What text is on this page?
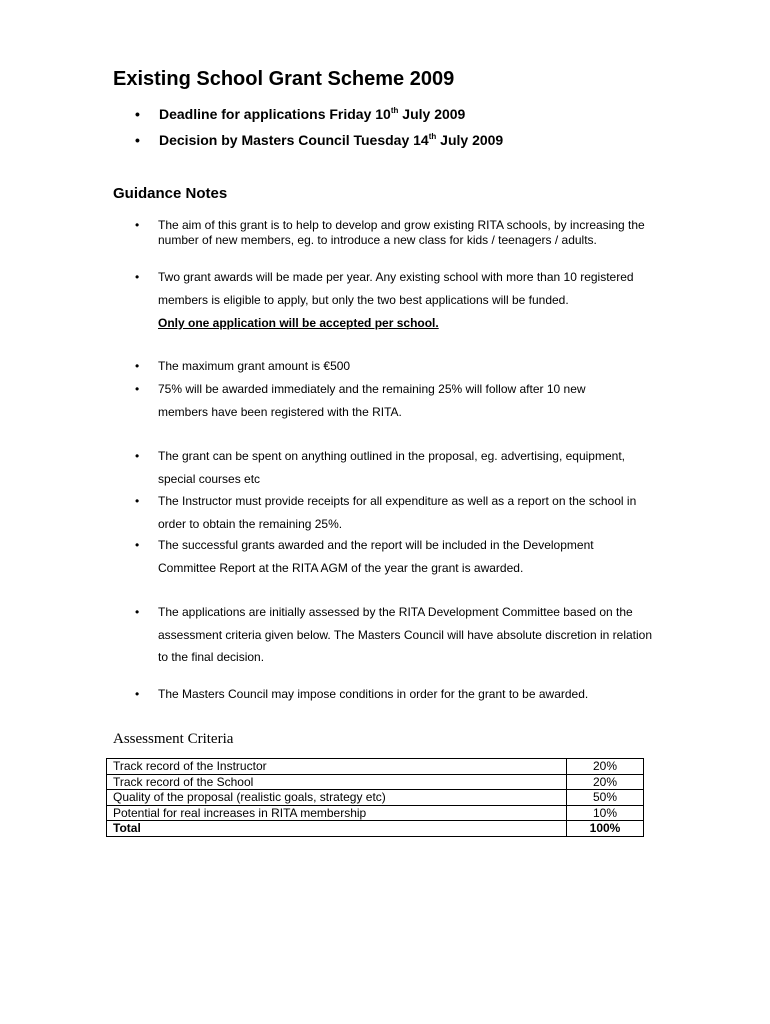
Existing School Grant Scheme 2009
• Deadline for applications Friday 10th July 2009
• Decision by Masters Council Tuesday 14th July 2009
Guidance Notes
• The aim of this grant is to help to develop and grow existing RITA schools, by increasing the number of new members, eg. to introduce a new class for kids / teenagers / adults.
• Two grant awards will be made per year. Any existing school with more than 10 registered members is eligible to apply, but only the two best applications will be funded.
Only one application will be accepted per school.
• The maximum grant amount is €500
• 75% will be awarded immediately and the remaining 25% will follow after 10 new members have been registered with the RITA.
• The grant can be spent on anything outlined in the proposal, eg. advertising, equipment, special courses etc
• The Instructor must provide receipts for all expenditure as well as a report on the school in order to obtain the remaining 25%.
• The successful grants awarded and the report will be included in the Development Committee Report at the RITA AGM of the year the grant is awarded.
• The applications are initially assessed by the RITA Development Committee based on the assessment criteria given below. The Masters Council will have absolute discretion in relation to the final decision.
• The Masters Council may impose conditions in order for the grant to be awarded.
Assessment Criteria
Track record of the Instructor	20%
Track record of the School	20%
Quality of the proposal (realistic goals, strategy etc)	50%
Potential for real increases in RITA membership	10%
Total	100%
